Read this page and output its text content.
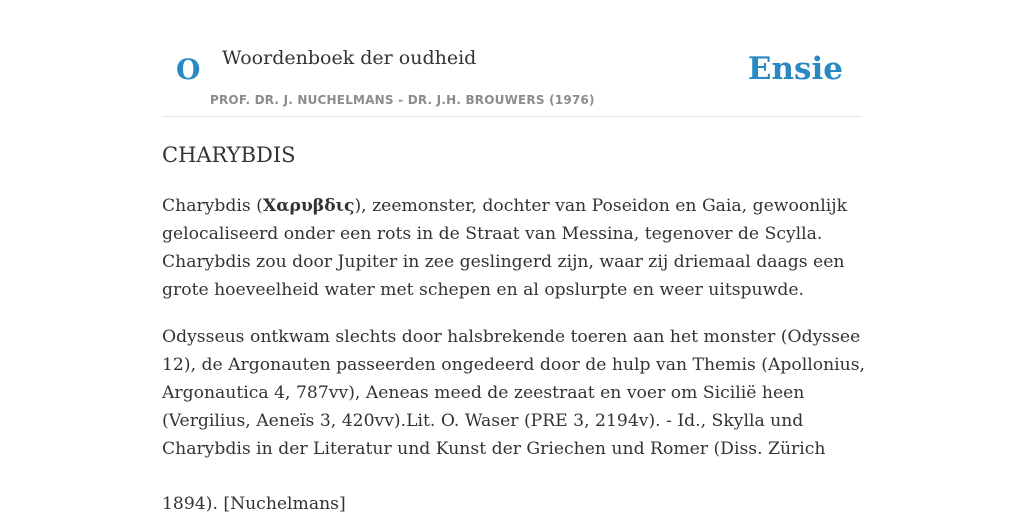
O Woordenboek der oudheid
PROF. DR. J. NUCHELMANS - DR. J.H. BROUWERS (1976)
Ensie
CHARYBDIS

Charybdis (Χαρυβδις), zeemonster, dochter van Poseidon en Gaia, gewoonlijk gelocaliseerd onder een rots in de Straat van Messina, tegenover de Scylla. Charybdis zou door Jupiter in zee geslingerd zijn, waar zij driemaal daags een grote hoeveelheid water met schepen en al opslurpte en weer uitspuwde.

Odysseus ontkwam slechts door halsbrekende toeren aan het monster (Odyssee 12), de Argonauten passeerden ongedeerd door de hulp van Themis (Apollonius, Argonautica 4, 787vv), Aeneas meed de zeestraat en voer om Sicilië heen (Vergilius, Aeneïs 3, 420vv).Lit. O. Waser (PRE 3, 2194v). - Id., Skylla und Charybdis in der Literatur und Kunst der Griechen und Romer (Diss. Zürich

1894). [Nuchelmans]
